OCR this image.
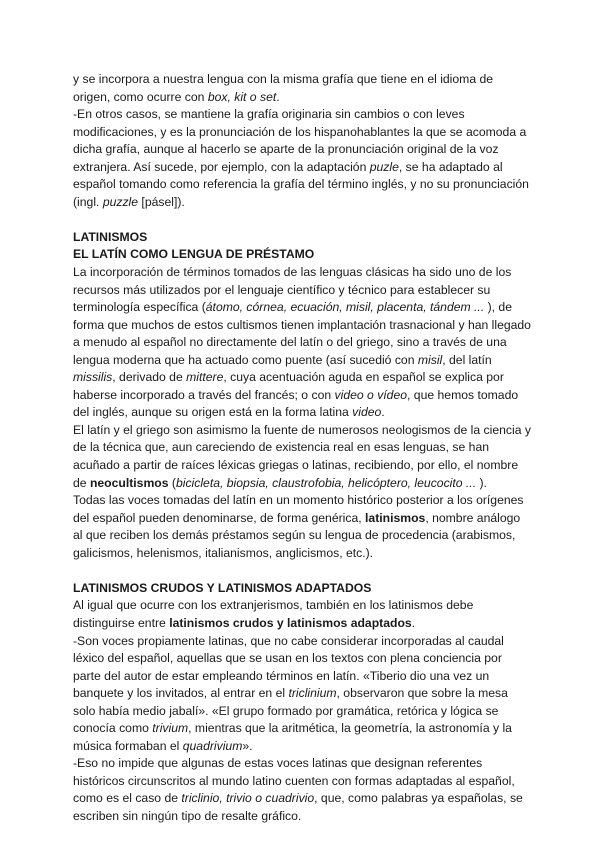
y se incorpora a nuestra lengua con la misma grafía que tiene en el idioma de origen, como ocurre con box, kit o set.

-En otros casos, se mantiene la grafía originaria sin cambios o con leves modificaciones, y es la pronunciación de los hispanohablantes la que se acomoda a dicha grafía, aunque al hacerlo se aparte de la pronunciación original de la voz extranjera. Así sucede, por ejemplo, con la adaptación puzle, se ha adaptado al español tomando como referencia la grafía del término inglés, y no su pronunciación (ingl. puzzle [pásel]).

LATINISMOS
EL LATÍN COMO LENGUA DE PRÉSTAMO

La incorporación de términos tomados de las lenguas clásicas ha sido uno de los recursos más utilizados por el lenguaje científico y técnico para establecer su terminología específica (átomo, córnea, ecuación, misil, placenta, tándem ... ), de forma que muchos de estos cultismos tienen implantación trasnacional y han llegado a menudo al español no directamente del latín o del griego, sino a través de una lengua moderna que ha actuado como puente (así sucedió con misil, del latín missilis, derivado de mittere, cuya acentuación aguda en español se explica por haberse incorporado a través del francés; o con video o vídeo, que hemos tomado del inglés, aunque su origen está en la forma latina video.

El latín y el griego son asimismo la fuente de numerosos neologismos de la ciencia y de la técnica que, aun careciendo de existencia real en esas lenguas, se han acuñado a partir de raíces léxicas griegas o latinas, recibiendo, por ello, el nombre de neocultismos (bicicleta, biopsia, claustrofobia, helicóptero, leucocito ... ).

Todas las voces tomadas del latín en un momento histórico posterior a los orígenes del español pueden denominarse, de forma genérica, latinismos, nombre análogo al que reciben los demás préstamos según su lengua de procedencia (arabismos, galicismos, helenismos, italianismos, anglicismos, etc.).

LATINISMOS CRUDOS Y LATINISMOS ADAPTADOS

Al igual que ocurre con los extranjerismos, también en los latinismos debe distinguirse entre latinismos crudos y latinismos adaptados.

-Son voces propiamente latinas, que no cabe considerar incorporadas al caudal léxico del español, aquellas que se usan en los textos con plena conciencia por parte del autor de estar empleando términos en latín. «Tiberio dio una vez un banquete y los invitados, al entrar en el triclinium, observaron que sobre la mesa solo había medio jabalí». «El grupo formado por gramática, retórica y lógica se conocía como trivium, mientras que la aritmética, la geometría, la astronomía y la música formaban el quadrivium».

-Eso no impide que algunas de estas voces latinas que designan referentes históricos circunscritos al mundo latino cuenten con formas adaptadas al español, como es el caso de triclinio, trivio o cuadrivio, que, como palabras ya españolas, se escriben sin ningún tipo de resalte gráfico.
